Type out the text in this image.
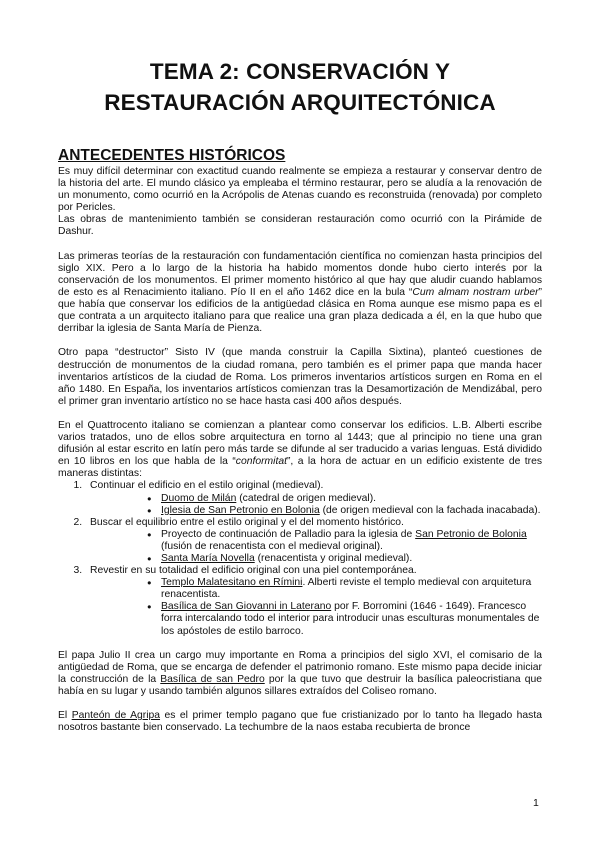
TEMA 2: CONSERVACIÓN Y
RESTAURACIÓN ARQUITECTÓNICA
ANTECEDENTES HISTÓRICOS

Es muy difícil determinar con exactitud cuando realmente se empieza a restaurar y conservar dentro de la historia del arte. El mundo clásico ya empleaba el término restaurar, pero se aludía a la renovación de un monumento, como ocurrió en la Acrópolis de Atenas cuando es reconstruida (renovada) por completo por Pericles.

Las obras de mantenimiento también se consideran restauración como ocurrió con la Pirámide de Dashur.

Las primeras teorías de la restauración con fundamentación científica no comienzan hasta principios del siglo XIX. Pero a lo largo de la historia ha habido momentos donde hubo cierto interés por la conservación de los monumentos. El primer momento histórico al que hay que aludir cuando hablamos de esto es al Renacimiento italiano. Pío II en el año 1462 dice en la bula “Cum almam nostram urber” que había que conservar los edificios de la antigüedad clásica en Roma aunque ese mismo papa es el que contrata a un arquitecto italiano para que realice una gran plaza dedicada a él, en la que hubo que derribar la iglesia de Santa María de Pienza.

Otro papa “destructor” Sisto IV (que manda construir la Capilla Sixtina), planteó cuestiones de destrucción de monumentos de la ciudad romana, pero también es el primer papa que manda hacer inventarios artísticos de la ciudad de Roma. Los primeros inventarios artísticos surgen en Roma en el año 1480. En España, los inventarios artísticos comienzan tras la Desamortización de Mendizábal, pero el primer gran inventario artístico no se hace hasta casi 400 años después.

En el Quattrocento italiano se comienzan a plantear como conservar los edificios. L.B. Alberti escribe varios tratados, uno de ellos sobre arquitectura en torno al 1443; que al principio no tiene una gran difusión al estar escrito en latín pero más tarde se difunde al ser traducido a varias lenguas. Está dividido en 10 libros en los que habla de la “conformitat”, a la hora de actuar en un edificio existente de tres maneras distintas:

1. Continuar el edificio en el estilo original (medieval).
● Duomo de Milán (catedral de origen medieval).
● Iglesia de San Petronio en Bolonia (de origen medieval con la fachada inacabada).
2. Buscar el equilibrio entre el estilo original y el del momento histórico.
● Proyecto de continuación de Palladio para la iglesia de San Petronio de Bolonia (fusión de renacentista con el medieval original).
● Santa María Novella (renacentista y original medieval).
3. Revestir en su totalidad el edificio original con una piel contemporánea.
● Templo Malatesitano en Rímini. Alberti reviste el templo medieval con arquitetura renacentista.
● Basílica de San Giovanni in Laterano por F. Borromini (1646 - 1649). Francesco forra intercalando todo el interior para introducir unas esculturas monumentales de los apóstoles de estilo barroco.

El papa Julio II crea un cargo muy importante en Roma a principios del siglo XVI, el comisario de la antigüedad de Roma, que se encarga de defender el patrimonio romano. Este mismo papa decide iniciar la construcción de la Basílica de san Pedro por la que tuvo que destruir la basílica paleocristiana que había en su lugar y usando también algunos sillares extraídos del Coliseo romano.

El Panteón de Agripa es el primer templo pagano que fue cristianizado por lo tanto ha llegado hasta nosotros bastante bien conservado. La techumbre de la naos estaba recubierta de bronce

1
